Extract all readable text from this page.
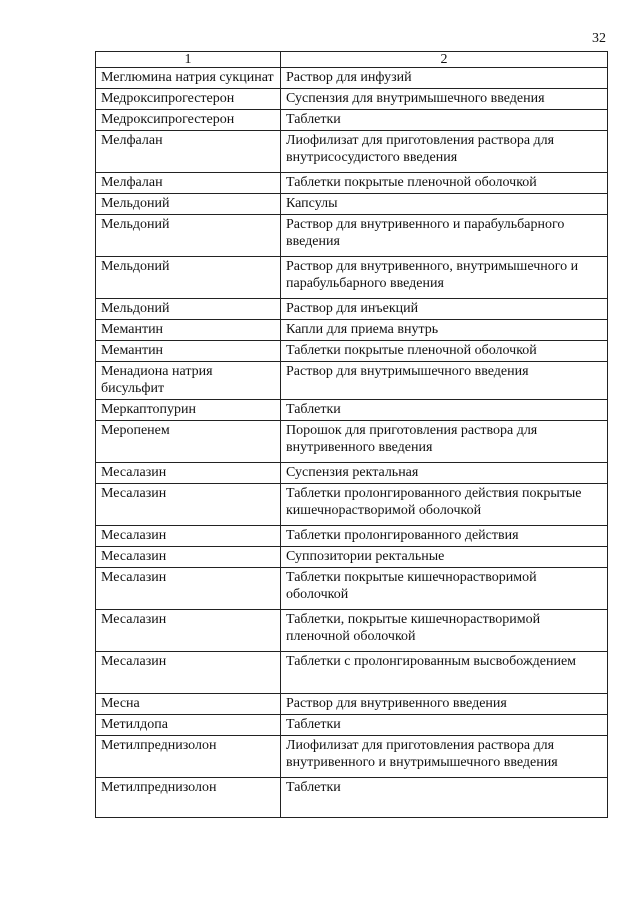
32
1	2
Меглюмина натрия сукцинат	Раствор для инфузий
Медроксипрогестерон	Суспензия для внутримышечного введения
Медроксипрогестерон	Таблетки
Мелфалан	Лиофилизат для приготовления раствора для внутрисосудистого введения
Мелфалан	Таблетки покрытые пленочной оболочкой
Мельдоний	Капсулы
Мельдоний	Раствор для внутривенного и парабульбарного введения
Мельдоний	Раствор для внутривенного, внутримышечного и парабульбарного введения
Мельдоний	Раствор для инъекций
Мемантин	Капли для приема внутрь
Мемантин	Таблетки покрытые пленочной оболочкой
Менадиона натрия бисульфит	Раствор для внутримышечного введения
Меркаптопурин	Таблетки
Меропенем	Порошок для приготовления раствора для внутривенного введения
Месалазин	Суспензия ректальная
Месалазин	Таблетки пролонгированного действия покрытые кишечнорастворимой оболочкой
Месалазин	Таблетки пролонгированного действия
Месалазин	Суппозитории ректальные
Месалазин	Таблетки покрытые кишечнорастворимой оболочкой
Месалазин	Таблетки, покрытые кишечнорастворимой пленочной оболочкой
Месалазин	Таблетки с пролонгированным высвобождением
Месна	Раствор для внутривенного введения
Метилдопа	Таблетки
Метилпреднизолон	Лиофилизат для приготовления раствора для внутривенного и внутримышечного введения
Метилпреднизолон	Таблетки
